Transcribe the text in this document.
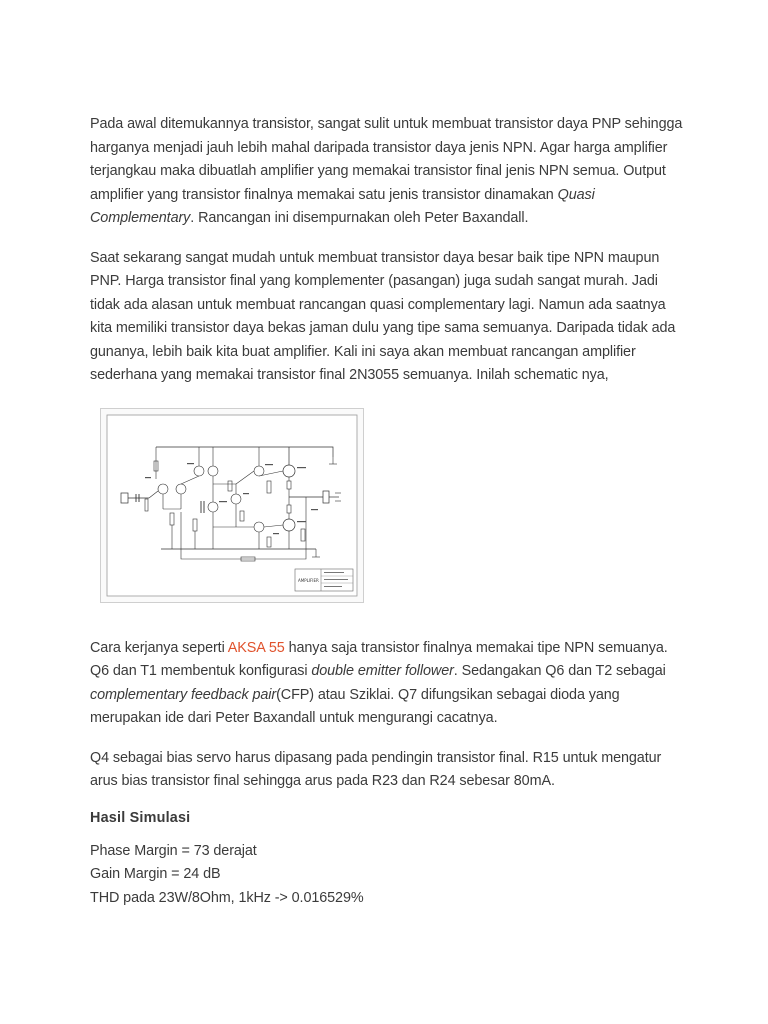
Pada awal ditemukannya transistor, sangat sulit untuk membuat transistor daya PNP sehingga harganya menjadi jauh lebih mahal daripada transistor daya jenis NPN. Agar harga amplifier terjangkau maka dibuatlah amplifier yang memakai transistor final jenis NPN semua. Output amplifier yang transistor finalnya memakai satu jenis transistor dinamakan Quasi Complementary. Rancangan ini disempurnakan oleh Peter Baxandall.

Saat sekarang sangat mudah untuk membuat transistor daya besar baik tipe NPN maupun PNP. Harga transistor final yang komplementer (pasangan) juga sudah sangat murah. Jadi tidak ada alasan untuk membuat rancangan quasi complementary lagi. Namun ada saatnya kita memiliki transistor daya bekas jaman dulu yang tipe sama semuanya. Daripada tidak ada gunanya, lebih baik kita buat amplifier. Kali ini saya akan membuat rancangan amplifier sederhana yang memakai transistor final 2N3055 semuanya. Inilah schematic nya,

AMPLIFIER

Cara kerjanya seperti AKSA 55 hanya saja transistor finalnya memakai tipe NPN semuanya. Q6 dan T1 membentuk konfigurasi double emitter follower. Sedangakan Q6 dan T2 sebagai complementary feedback pair(CFP) atau Sziklai. Q7 difungsikan sebagai dioda yang merupakan ide dari Peter Baxandall untuk mengurangi cacatnya.

Q4 sebagai bias servo harus dipasang pada pendingin transistor final. R15 untuk mengatur arus bias transistor final sehingga arus pada R23 dan R24 sebesar 80mA.

Hasil Simulasi

Phase Margin = 73 derajat

Gain Margin = 24 dB

THD pada 23W/8Ohm, 1kHz -> 0.016529%
